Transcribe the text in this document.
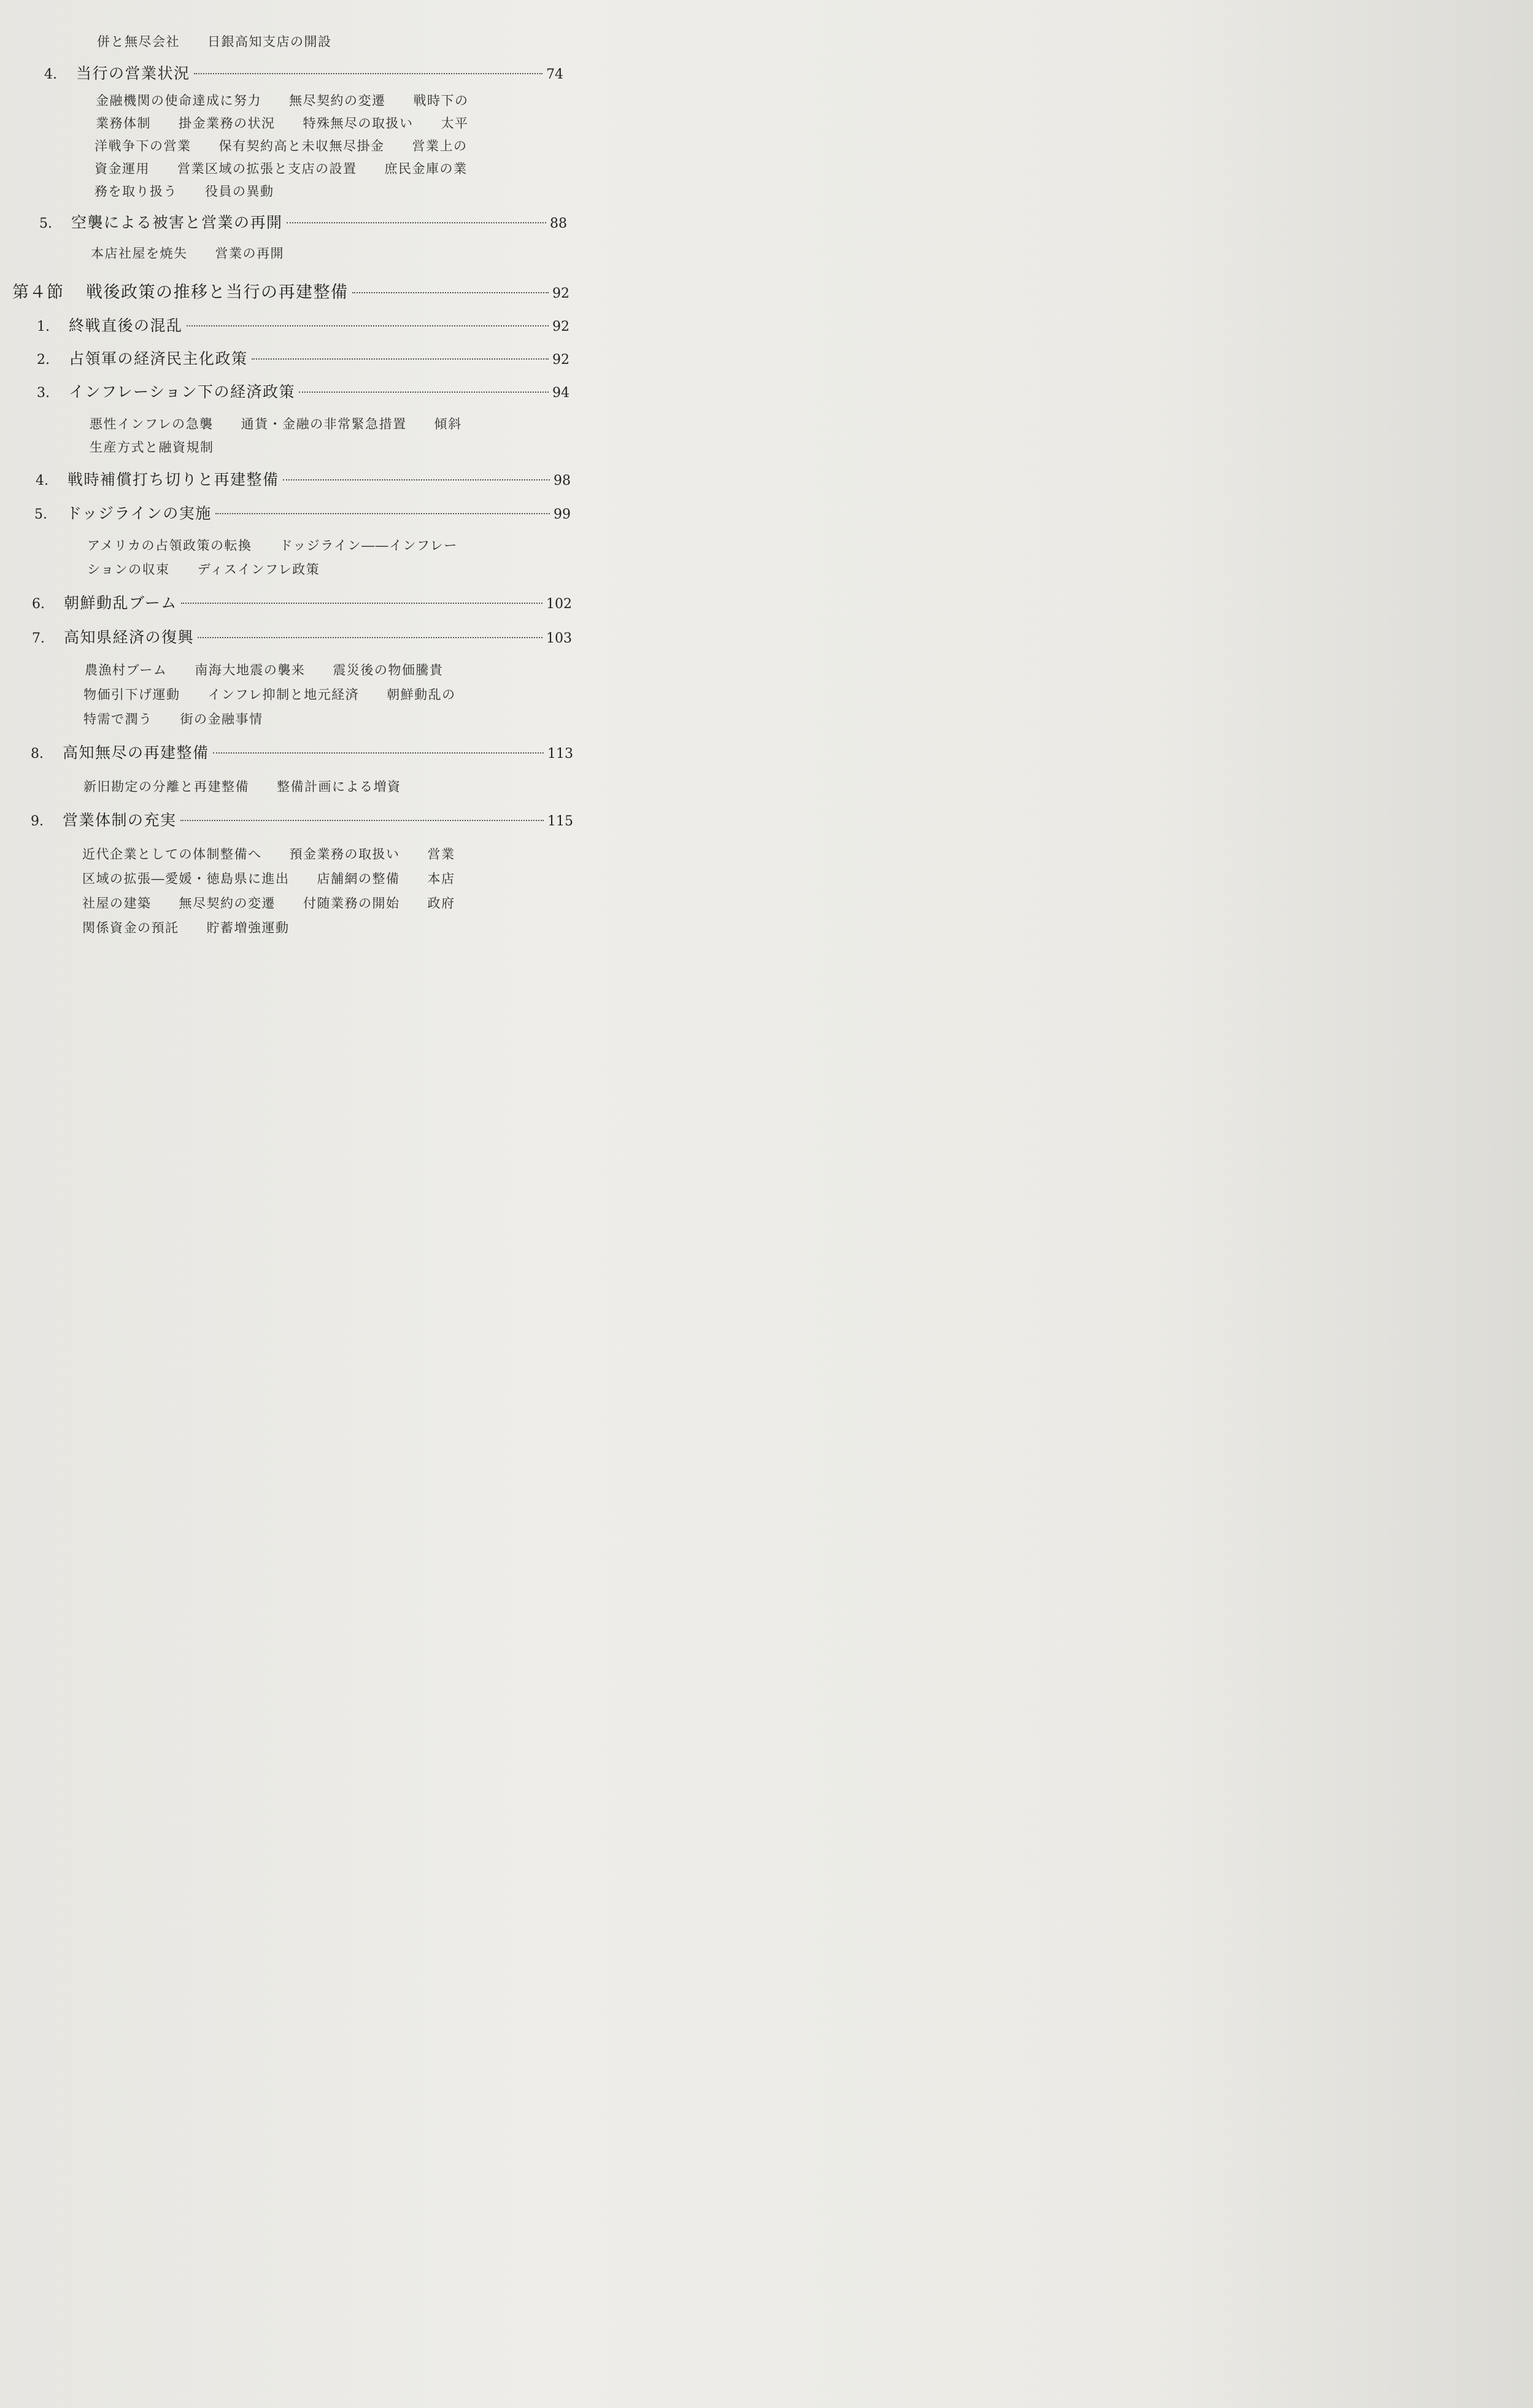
併と無尽会社　　日銀高知支店の開設
4.	当行の営業状況	74
金融機関の使命達成に努力　　無尽契約の変遷　　戦時下の
業務体制　　掛金業務の状況　　特殊無尽の取扱い　　太平
洋戦争下の営業　　保有契約高と未収無尽掛金　　営業上の
資金運用　　営業区域の拡張と支店の設置　　庶民金庫の業
務を取り扱う　　役員の異動
5.	空襲による被害と営業の再開	88
本店社屋を焼失　　営業の再開
第４節	戦後政策の推移と当行の再建整備	92
1.	終戦直後の混乱	92
2.	占領軍の経済民主化政策	92
3.	インフレーション下の経済政策	94
悪性インフレの急襲　　通貨・金融の非常緊急措置　　傾斜
生産方式と融資規制
4.	戦時補償打ち切りと再建整備	98
5.	ドッジラインの実施	99
アメリカの占領政策の転換　　ドッジライン――インフレー
ションの収束　　ディスインフレ政策
6.	朝鮮動乱ブーム	102
7.	高知県経済の復興	103
農漁村ブーム　　南海大地震の襲来　　震災後の物価騰貴
物価引下げ運動　　インフレ抑制と地元経済　　朝鮮動乱の
特需で潤う　　街の金融事情
8.	高知無尽の再建整備	113
新旧勘定の分離と再建整備　　整備計画による増資
9.	営業体制の充実	115
近代企業としての体制整備へ　　預金業務の取扱い　　営業
区域の拡張―愛媛・徳島県に進出　　店舗網の整備　　本店
社屋の建築　　無尽契約の変遷　　付随業務の開始　　政府
関係資金の預託　　貯蓄増強運動
